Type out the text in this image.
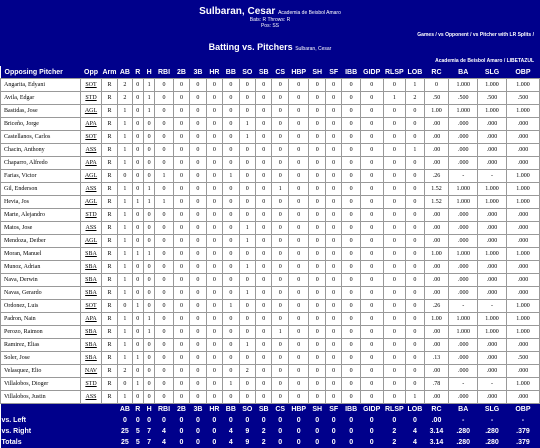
Sulbaran, Cesar Academia de Beisbol Amaro
Bats: R Throws: R
Pos: SS
Games / vs Opponent / vs Pitcher with LR Splits /
Batting vs. Pitchers Sulbaran, Cesar
Academia de Beisbol Amaro / LIBETAZUL
Opposing Pitcher	Opp	Arm	AB	R	H	RBI	2B	3B	HR	BB	SO	SB	CS	HBP	SH	SF	IBB	GIDP	RLSP	LOB	RC	BA	SLG	OBP
Angarita, Edyani	SOT	R	2	0	1	0	0	0	0	0	0	0	0	0	0	0	0	0	0	1	0	1.000	1.000	1.000
Avila, Edgar	STD	R	2	0	1	0	0	0	0	0	0	0	0	0	0	0	0	0	1	2	.50	.500	.500	.500
Bastidas, Jose	AGL	R	1	0	1	0	0	0	0	0	0	0	0	0	0	0	0	0	0	0	1.00	1.000	1.000	1.000
Briceño, Jorge	APA	R	1	0	0	0	0	0	0	0	1	0	0	0	0	0	0	0	0	0	.00	.000	.000	.000
Castellanos, Carlos	SOT	R	1	0	0	0	0	0	0	0	1	0	0	0	0	0	0	0	0	0	.00	.000	.000	.000
Chacin, Anthony	ASS	R	1	0	0	0	0	0	0	0	0	0	0	0	0	0	0	0	0	1	.00	.000	.000	.000
Chaparro, Alfredo	APA	R	1	0	0	0	0	0	0	0	0	0	0	0	0	0	0	0	0	0	.00	.000	.000	.000
Farias, Victor	AGL	R	0	0	0	1	0	0	0	1	0	0	0	0	0	0	0	0	0	0	.26	-	-	1.000
Gil, Enderson	ASS	R	1	0	1	0	0	0	0	0	0	0	1	0	0	0	0	0	0	0	1.52	1.000	1.000	1.000
Hevia, Jos	AGL	R	1	1	1	1	0	0	0	0	0	0	0	0	0	0	0	0	0	0	1.52	1.000	1.000	1.000
Marte, Alejandro	STD	R	1	0	0	0	0	0	0	0	0	0	0	0	0	0	0	0	0	0	.00	.000	.000	.000
Matos, Jose	ASS	R	1	0	0	0	0	0	0	0	1	0	0	0	0	0	0	0	0	0	.00	.000	.000	.000
Mendoza, Deiber	AGL	R	1	0	0	0	0	0	0	0	1	0	0	0	0	0	0	0	0	0	.00	.000	.000	.000
Moran, Manuel	SBA	R	1	1	1	0	0	0	0	0	0	0	0	0	0	0	0	0	0	0	1.00	1.000	1.000	1.000
Munoz, Adrian	SBA	R	1	0	0	0	0	0	0	0	1	0	0	0	0	0	0	0	0	0	.00	.000	.000	.000
Nava, Derwin	SBA	R	1	0	0	0	0	0	0	0	0	0	0	0	0	0	0	0	0	0	.00	.000	.000	.000
Navas, Gerardo	SBA	R	1	0	0	0	0	0	0	0	1	0	0	0	0	0	0	0	0	0	.00	.000	.000	.000
Ordonez, Luis	SOT	R	0	1	0	0	0	0	0	1	0	0	0	0	0	0	0	0	0	0	.26	-	-	1.000
Padron, Nain	APA	R	1	0	1	0	0	0	0	0	0	0	0	0	0	0	0	0	0	0	1.00	1.000	1.000	1.000
Perozo, Raimon	SBA	R	1	0	1	0	0	0	0	0	0	0	1	0	0	0	0	0	0	0	.00	1.000	1.000	1.000
Ramirez, Elias	SBA	R	1	0	0	0	0	0	0	0	1	0	0	0	0	0	0	0	0	0	.00	.000	.000	.000
Soler, Jose	SBA	R	1	1	0	0	0	0	0	0	0	0	0	0	0	0	0	0	0	0	.13	.000	.000	.500
Velasquez, Elio	NAV	R	2	0	0	0	0	0	0	0	2	0	0	0	0	0	0	0	0	0	.00	.000	.000	.000
Villalobos, Dioger	STD	R	0	1	0	0	0	0	0	1	0	0	0	0	0	0	0	0	0	0	.78	-	-	1.000
Villalobos, Justin	ASS	R	1	0	0	0	0	0	0	0	0	0	0	0	0	0	0	0	0	1	.00	.000	.000	.000
			AB	R	H	RBI	2B	3B	HR	BB	SO	SB	CS	HBP	SH	SF	IBB	GIDP	RLSP	LOB	RC	BA	SLG	OBP
vs. Left			0	0	0	0	0	0	0	0	0	0	0	0	0	0	0	0	0	0	.00	-	-	-
vs. Right			25	5	7	4	0	0	0	4	9	2	0	0	0	0	0	0	2	4	3.14	.280	.280	.379
Totals			25	5	7	4	0	0	0	4	9	2	0	0	0	0	0	0	2	4	3.14	.280	.280	.379
